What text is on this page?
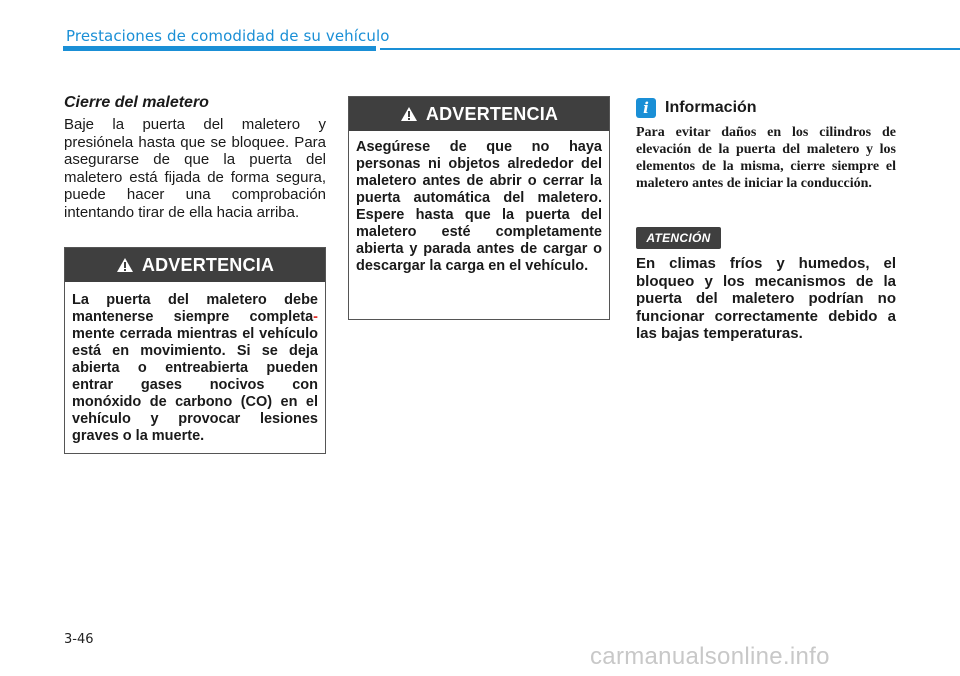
Prestaciones de comodidad de su vehículo
Cierre del maletero
Baje la puerta del maletero y presiónela hasta que se bloquee. Para asegurarse de que la puerta del maletero está fijada de forma segura, puede hacer una comprobación intentando tirar de ella hacia arriba.
ADVERTENCIA
La puerta del maletero debe mantenerse siempre completa- mente cerrada mientras el vehículo está en movimiento. Si se deja abierta o entreabierta pueden entrar gases nocivos con monóxido de carbono (CO) en el vehículo y provocar lesiones graves o la muerte.
ADVERTENCIA
Asegúrese de que no haya personas ni objetos alrededor del maletero antes de abrir o cerrar la puerta automática del maletero. Espere hasta que la puerta del maletero esté completamente abierta y parada antes de cargar o descargar la carga en el vehículo.
i	Información
Para evitar daños en los cilindros de elevación de la puerta del maletero y los elementos de la misma, cierre siempre el maletero antes de iniciar la conducción.
ATENCIÓN
En climas fríos y humedos, el bloqueo y los mecanismos de la puerta del maletero podrían no funcionar correctamente debido a las bajas temperaturas.
3-46
carmanualsonline.info
